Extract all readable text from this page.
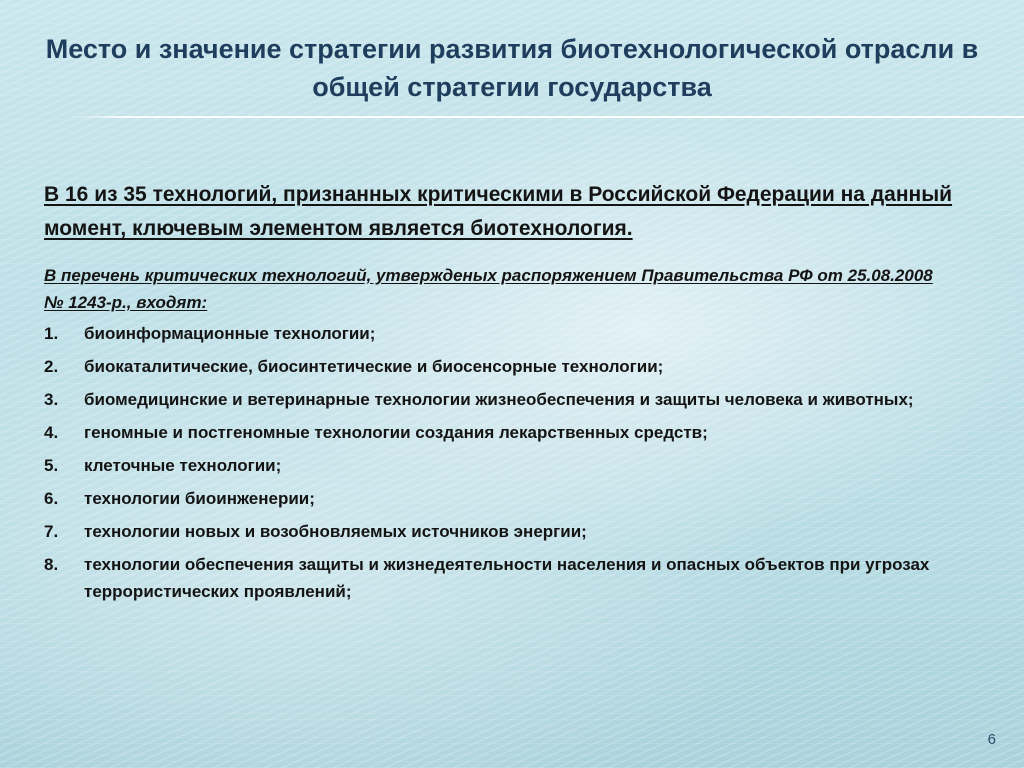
Место и значение стратегии развития биотехнологической отрасли в общей стратегии государства

В 16 из 35 технологий, признанных критическими в Российской Федерации на данный момент, ключевым элементом является биотехнология.

В перечень критических технологий, утвержденых распоряжением Правительства РФ от 25.08.2008 № 1243-р., входят:

1.	биоинформационные технологии;
2.	биокаталитические, биосинтетические и биосенсорные технологии;
3.	биомедицинские и ветеринарные технологии жизнеобеспечения и защиты человека и животных;
4.	геномные и постгеномные технологии создания лекарственных средств;
5.	клеточные технологии;
6.	технологии биоинженерии;
7.	технологии новых и возобновляемых источников энергии;
8.	технологии обеспечения защиты и жизнедеятельности населения и опасных объектов при угрозах террористических проявлений;
6
